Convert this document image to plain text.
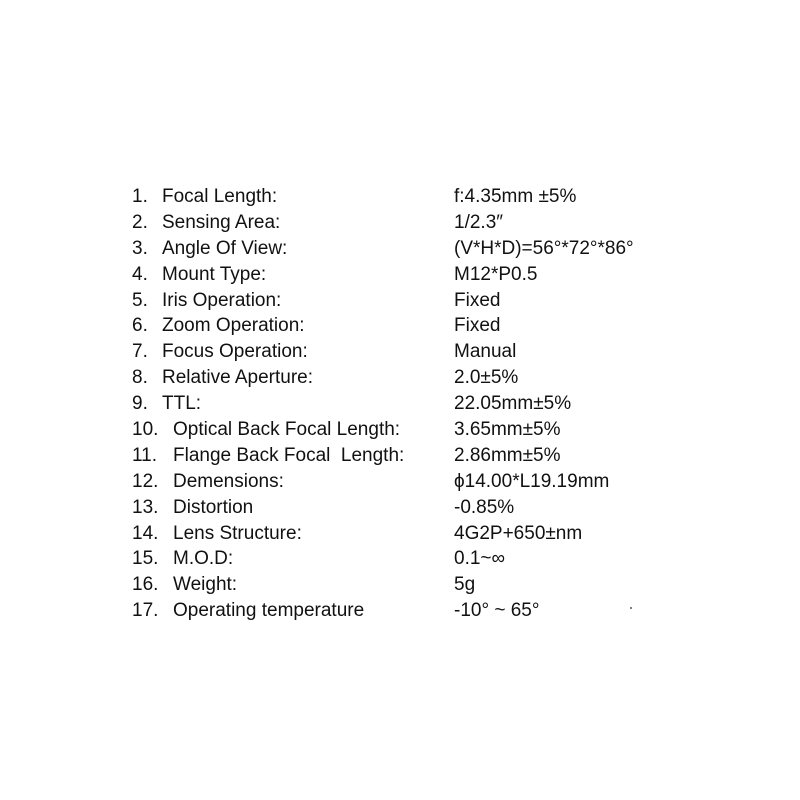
1. Focal Length:	f:4.35mm ±5%
2. Sensing Area:	1/2.3″
3. Angle Of View:	(V*H*D)=56°*72°*86°
4. Mount Type:	M12*P0.5
5. Iris Operation:	Fixed
6. Zoom Operation:	Fixed
7. Focus Operation:	Manual
8. Relative Aperture:	2.0±5%
9. TTL:	22.05mm±5%
10. Optical Back Focal Length:	3.65mm±5%
11. Flange Back Focal  Length:	2.86mm±5%
12. Demensions:	ϕ14.00*L19.19mm
13. Distortion	-0.85%
14. Lens Structure:	4G2P+650±nm
15. M.O.D:	0.1~∞
16. Weight:	5g
17. Operating temperature	-10° ~ 65°
